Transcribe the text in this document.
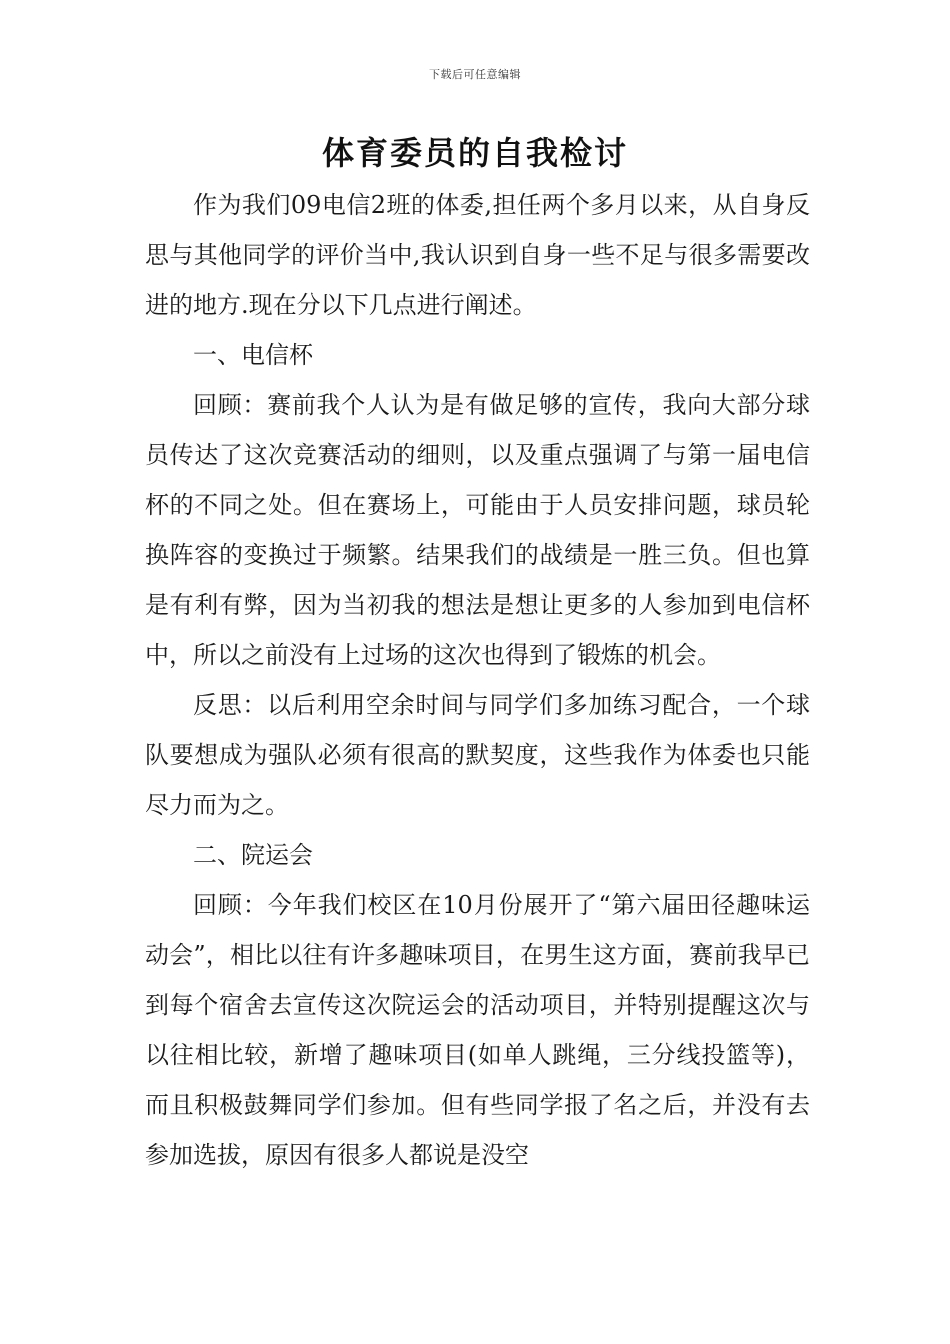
下载后可任意编辑
体育委员的自我检讨

作为我们09电信2班的体委,担任两个多月以来，从自身反思与其他同学的评价当中,我认识到自身一些不足与很多需要改进的地方.现在分以下几点进行阐述。

一、电信杯

回顾：赛前我个人认为是有做足够的宣传，我向大部分球员传达了这次竞赛活动的细则，以及重点强调了与第一届电信杯的不同之处。但在赛场上，可能由于人员安排问题，球员轮换阵容的变换过于频繁。结果我们的战绩是一胜三负。但也算是有利有弊，因为当初我的想法是想让更多的人参加到电信杯中，所以之前没有上过场的这次也得到了锻炼的机会。

反思：以后利用空余时间与同学们多加练习配合，一个球队要想成为强队必须有很高的默契度，这些我作为体委也只能尽力而为之。

二、院运会

回顾：今年我们校区在10月份展开了“第六届田径趣味运动会”，相比以往有许多趣味项目，在男生这方面，赛前我早已到每个宿舍去宣传这次院运会的活动项目，并特别提醒这次与以往相比较，新增了趣味项目(如单人跳绳，三分线投篮等)，而且积极鼓舞同学们参加。但有些同学报了名之后，并没有去参加选拔，原因有很多人都说是没空
